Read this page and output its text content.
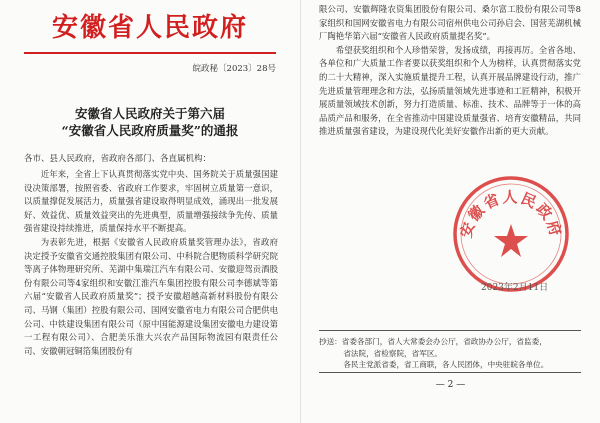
安徽省人民政府
皖政秘〔2023〕28号
安徽省人民政府关于第六届
“安徽省人民政府质量奖”的通报
各市、县人民政府，省政府各部门、各直属机构：

近年来，全省上下认真贯彻落实党中央、国务院关于质量强国建设决策部署，按照省委、省政府工作要求，牢固树立质量第一意识，以质量撑促发展活力，质量强省建设取得明显成效，涌现出一批发展好、效益优、质量效益突出的先进典型，质量增强接续争先传、质量强省建设持续推进，质量保持水平不断提高。

为表彰先进，根据《安徽省人民政府质量奖管理办法》，省政府决定授予安徽省交通控股集团有限公司、中科院合肥物质科学研究院等离子体物理研究所、芜湖中集瑞江汽车有限公司、安徽迎驾贡酒股份有限公司等4家组织和安徽江淮汽车集团控股有限公司李德斌等第六届“安徽省人民政府质量奖”；授予安徽超越高新材料股份有限公司、马钢（集团）控股有限公司、国网安徽省电力有限公司合肥供电公司、中铁建设集团有限公司（原中国能源建设集团安徽电力建设第一工程有限公司）、合肥美乐淮大兴农产品国际物流园有限责任公司、安徽朝冠铜箔集团股份有

限公司、安徽辉隆农资集团股份有限公司、桑尔富工股份有限公司等8家组织和国网安徽省电力有限公司宿州供电公司孙启会、国营芜湖机械厂陶艳华第六届“安徽省人民政府质量提名奖”。

希望获奖组织和个人珍惜荣誉，发扬成绩，再接再厉。全省各地、各单位和广大质量工作者要以获奖组织和个人为榜样，认真贯彻落实党的二十大精神，深入实施质量提升工程，认真开展品牌建设行动，推广先进质量管理理念和方法，弘扬质量领域先进事迹和工匠精神，积极开展质量领域技术创新，努力打造质量、标准、技术、品牌等于一体的高品质产品和服务，在全省推动中国建设质量强省、培育安徽精品，共同推进质量强省建设，为建设现代化美好安徽作出新的更大贡献。

安徽省人民政府
2023年2月11日
抄送：省委各部门，省人大常委会办公厅，省政协办公厅，省监委，
省法院，省检察院，省军区。
各民主党派省委，省工商联，各人民团体，中央驻皖各单位。
— 2 —
